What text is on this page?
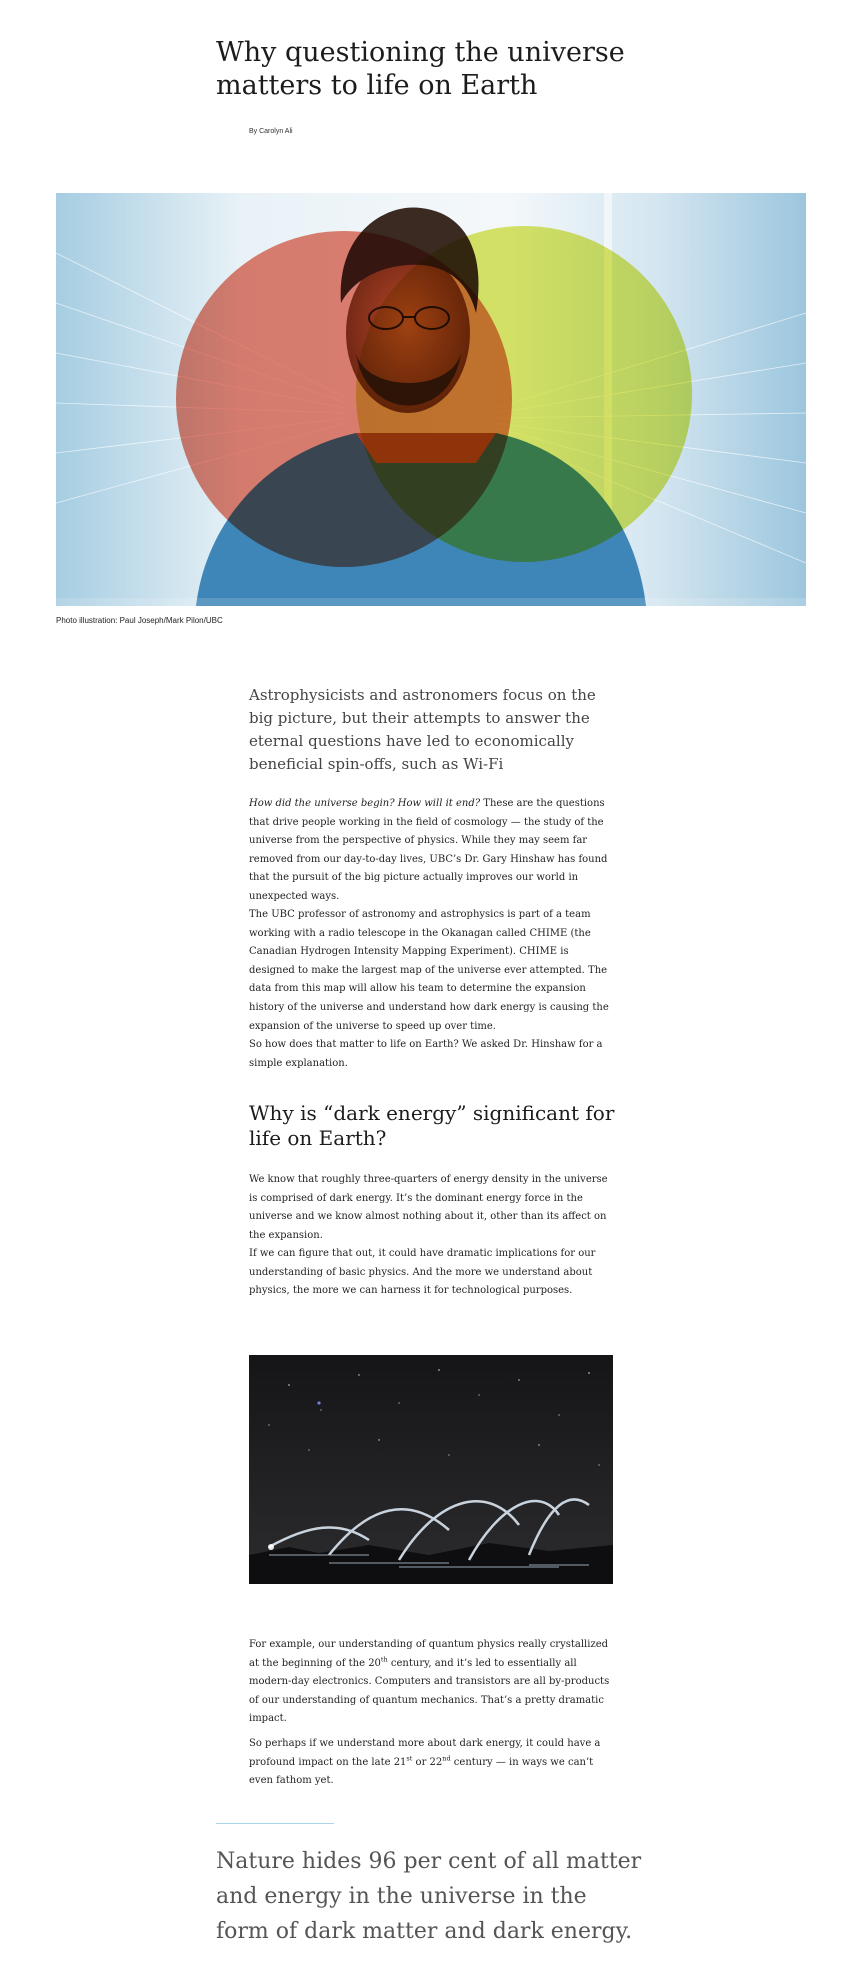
Why questioning the universe matters to life on Earth
By Carolyn Ali
Photo illustration: Paul Joseph/Mark Pilon/UBC

Astrophysicists and astronomers focus on the big picture, but their attempts to answer the eternal questions have led to economically beneficial spin-offs, such as Wi-Fi

How did the universe begin? How will it end? These are the questions that drive people working in the field of cosmology — the study of the universe from the perspective of physics. While they may seem far removed from our day-to-day lives, UBC’s Dr. Gary Hinshaw has found that the pursuit of the big picture actually improves our world in unexpected ways.

The UBC professor of astronomy and astrophysics is part of a team working with a radio telescope in the Okanagan called CHIME (the Canadian Hydrogen Intensity Mapping Experiment). CHIME is designed to make the largest map of the universe ever attempted. The data from this map will allow his team to determine the expansion history of the universe and understand how dark energy is causing the expansion of the universe to speed up over time.

So how does that matter to life on Earth? We asked Dr. Hinshaw for a simple explanation.

Why is “dark energy” significant for life on Earth?

We know that roughly three-quarters of energy density in the universe is comprised of dark energy. It’s the dominant energy force in the universe and we know almost nothing about it, other than its affect on the expansion.

If we can figure that out, it could have dramatic implications for our understanding of basic physics. And the more we understand about physics, the more we can harness it for technological purposes.

For example, our understanding of quantum physics really crystallized at the beginning of the 20th century, and it’s led to essentially all modern-day electronics. Computers and transistors are all by-products of our understanding of quantum mechanics. That’s a pretty dramatic impact.

So perhaps if we understand more about dark energy, it could have a profound impact on the late 21st or 22nd century — in ways we can’t even fathom yet.

Nature hides 96 per cent of all matter and energy in the universe in the form of dark matter and dark energy.
